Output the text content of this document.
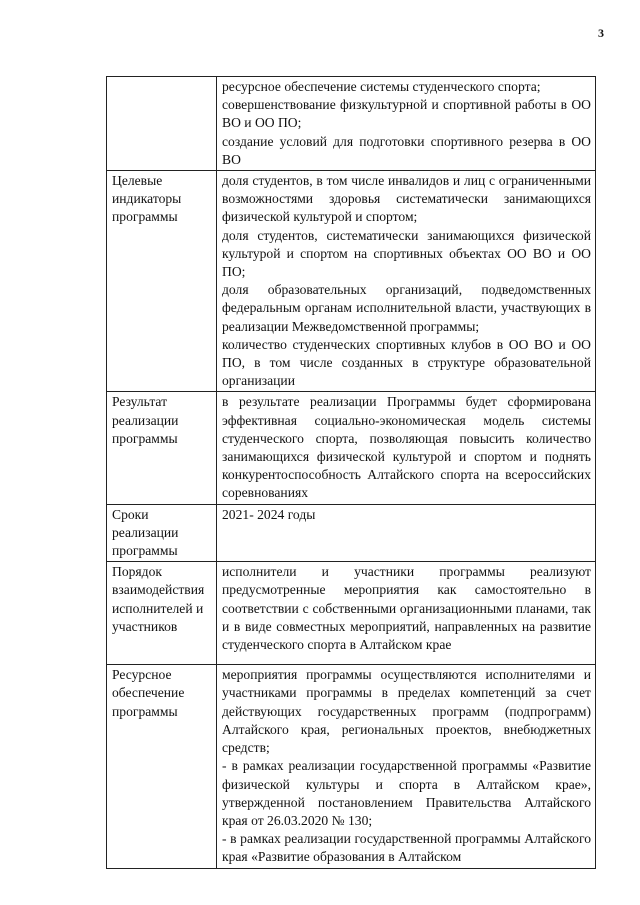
3

	ресурсное обеспечение системы студенческого спорта;
совершенствование физкультурной и спортивной работы в ОО ВО и ОО ПО;
создание условий для подготовки спортивного резерва в ОО ВО

Целевые индикаторы программы	доля студентов, в том числе инвалидов и лиц с ограниченными возможностями здоровья систематически занимающихся физической культурой и спортом;
доля студентов, систематически занимающихся физической культурой и спортом на спортивных объектах ОО ВО и ОО ПО;
доля образовательных организаций, подведомственных федеральным органам исполнительной власти, участвующих в реализации Межведомственной программы;
количество студенческих спортивных клубов в ОО ВО и ОО ПО, в том числе созданных в структуре образовательной организации

Результат реализации программы	в результате реализации Программы будет сформирована эффективная социально-экономическая модель системы студенческого спорта, позволяющая повысить количество занимающихся физической культурой и спортом и поднять конкурентоспособность Алтайского спорта на всероссийских соревнованиях

Сроки реализации программы	2021- 2024 годы

Порядок взаимодействия исполнителей и участников	исполнители и участники программы реализуют предусмотренные мероприятия как самостоятельно в соответствии с собственными организационными планами, так и в виде совместных мероприятий, направленных на развитие студенческого спорта в Алтайском крае

Ресурсное обеспечение программы	мероприятия программы осуществляются исполнителями и участниками программы в пределах компетенций за счет действующих государственных программ (подпрограмм) Алтайского края, региональных проектов, внебюджетных средств;
- в рамках реализации государственной программы «Развитие физической культуры и спорта в Алтайском крае», утвержденной постановлением Правительства Алтайского края от 26.03.2020 № 130;
- в рамках реализации государственной программы Алтайского края «Развитие образования в Алтайском
